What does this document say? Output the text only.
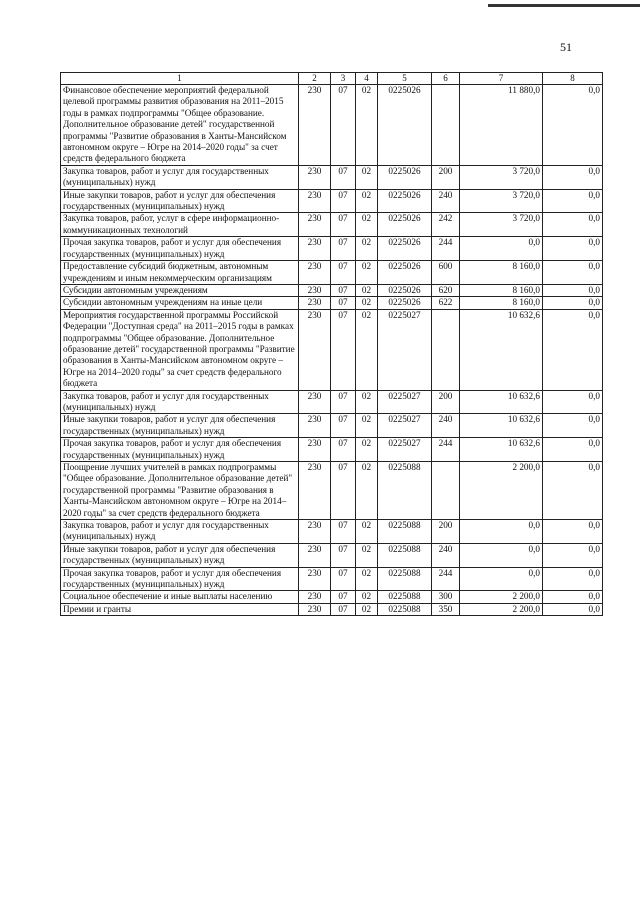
51
1	2	3	4	5	6	7	8
Финансовое обеспечение мероприятий федеральной целевой программы развития образования на 2011–2015 годы в рамках подпрограммы "Общее образование. Дополнительное образование детей" государственной программы "Развитие образования в Ханты-Мансийском автономном округе – Югре на 2014–2020 годы" за счет средств федерального бюджета	230	07	02	0225026		11 880,0	0,0
Закупка товаров, работ и услуг для государственных (муниципальных) нужд	230	07	02	0225026	200	3 720,0	0,0
Иные закупки товаров, работ и услуг для обеспечения государственных (муниципальных) нужд	230	07	02	0225026	240	3 720,0	0,0
Закупка товаров, работ, услуг в сфере информационно-коммуникационных технологий	230	07	02	0225026	242	3 720,0	0,0
Прочая закупка товаров, работ и услуг для обеспечения государственных (муниципальных) нужд	230	07	02	0225026	244	0,0	0,0
Предоставление субсидий бюджетным, автономным учреждениям и иным некоммерческим организациям	230	07	02	0225026	600	8 160,0	0,0
Субсидии автономным учреждениям	230	07	02	0225026	620	8 160,0	0,0
Субсидии автономным учреждениям на иные цели	230	07	02	0225026	622	8 160,0	0,0
Мероприятия государственной программы Российской Федерации "Доступная среда" на 2011–2015 годы в рамках подпрограммы "Общее образование. Дополнительное образование детей" государственной программы "Развитие образования в Ханты-Мансийском автономном округе – Югре на 2014–2020 годы" за счет средств федерального бюджета	230	07	02	0225027		10 632,6	0,0
Закупка товаров, работ и услуг для государственных (муниципальных) нужд	230	07	02	0225027	200	10 632,6	0,0
Иные закупки товаров, работ и услуг для обеспечения государственных (муниципальных) нужд	230	07	02	0225027	240	10 632,6	0,0
Прочая закупка товаров, работ и услуг для обеспечения государственных (муниципальных) нужд	230	07	02	0225027	244	10 632,6	0,0
Поощрение лучших учителей в рамках подпрограммы "Общее образование. Дополнительное образование детей" государственной программы "Развитие образования в Ханты-Мансийском автономном округе – Югре на 2014–2020 годы" за счет средств федерального бюджета	230	07	02	0225088		2 200,0	0,0
Закупка товаров, работ и услуг для государственных (муниципальных) нужд	230	07	02	0225088	200	0,0	0,0
Иные закупки товаров, работ и услуг для обеспечения государственных (муниципальных) нужд	230	07	02	0225088	240	0,0	0,0
Прочая закупка товаров, работ и услуг для обеспечения государственных (муниципальных) нужд	230	07	02	0225088	244	0,0	0,0
Социальное обеспечение и иные выплаты населению	230	07	02	0225088	300	2 200,0	0,0
Премии и гранты	230	07	02	0225088	350	2 200,0	0,0
